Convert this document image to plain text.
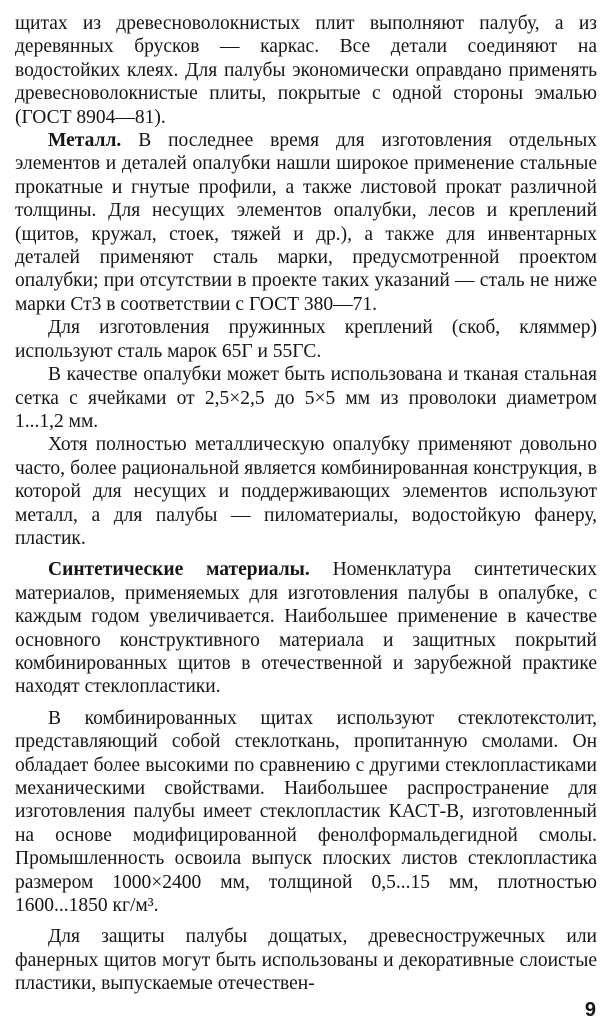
щитах из древесноволокнистых плит выполняют палубу, а из деревянных брусков — каркас. Все детали соединяют на водостойких клеях. Для палубы экономически оправдано применять древесноволокнистые плиты, покрытые с одной стороны эмалью (ГОСТ 8904—81).

Металл. В последнее время для изготовления отдельных элементов и деталей опалубки нашли широкое применение стальные прокатные и гнутые профили, а также листовой прокат различной толщины. Для несущих элементов опалубки, лесов и креплений (щитов, кружал, стоек, тяжей и др.), а также для инвентарных деталей применяют сталь марки, предусмотренной проектом опалубки; при отсутствии в проекте таких указаний — сталь не ниже марки Ст3 в соответствии с ГОСТ 380—71.

Для изготовления пружинных креплений (скоб, кляммер) используют сталь марок 65Г и 55ГС.

В качестве опалубки может быть использована и тканая стальная сетка с ячейками от 2,5×2,5 до 5×5 мм из проволоки диаметром 1...1,2 мм.

Хотя полностью металлическую опалубку применяют довольно часто, более рациональной является комбинированная конструкция, в которой для несущих и поддерживающих элементов используют металл, а для палубы — пиломатериалы, водостойкую фанеру, пластик.

Синтетические материалы. Номенклатура синтетических материалов, применяемых для изготовления палубы в опалубке, с каждым годом увеличивается. Наибольшее применение в качестве основного конструктивного материала и защитных покрытий комбинированных щитов в отечественной и зарубежной практике находят стеклопластики.

В комбинированных щитах используют стеклотекстолит, представляющий собой стеклоткань, пропитанную смолами. Он обладает более высокими по сравнению с другими стеклопластиками механическими свойствами. Наибольшее распространение для изготовления палубы имеет стеклопластик КАСТ-В, изготовленный на основе модифицированной фенолформальдегидной смолы. Промышленность освоила выпуск плоских листов стеклопластика размером 1000×2400 мм, толщиной 0,5...15 мм, плотностью 1600...1850 кг/м³.

Для защиты палубы дощатых, древесностружечных или фанерных щитов могут быть использованы и декоративные слоистые пластики, выпускаемые отечествен-

9
